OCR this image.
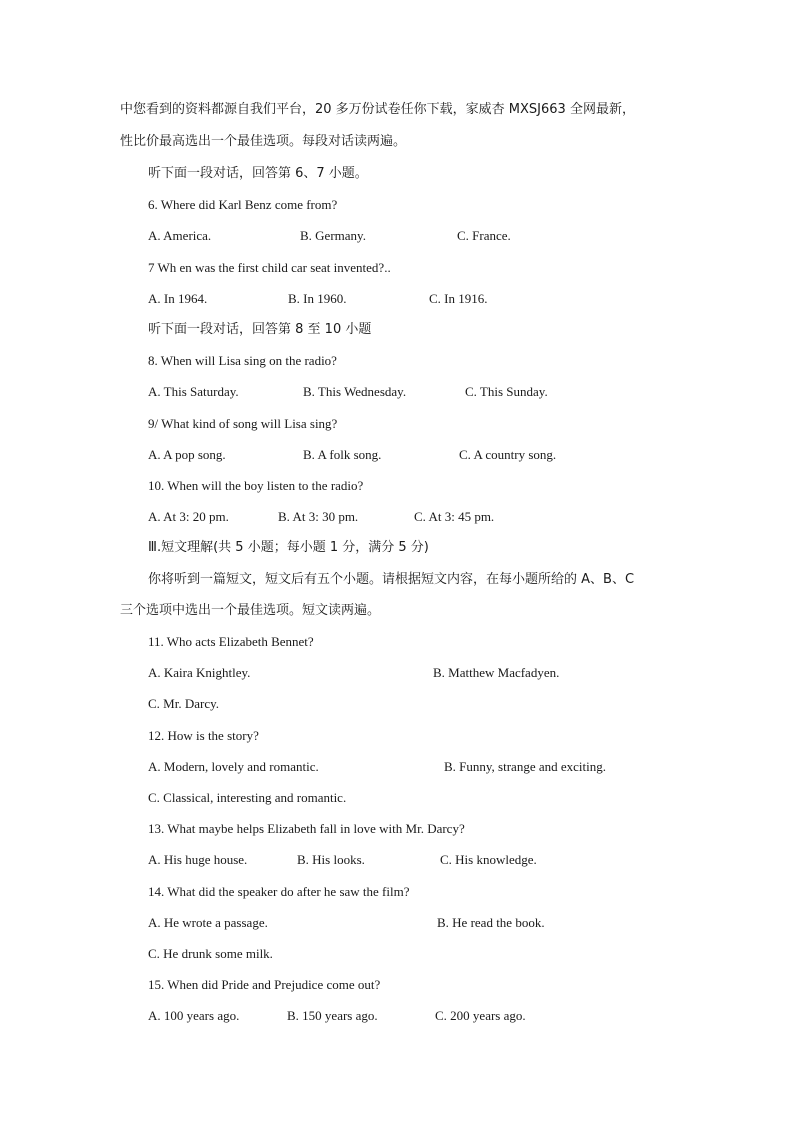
中您看到的资料都源自我们平台，20 多万份试卷任你下载，家威杏 MXSJ663 全网最新，
性比价最高选出一个最佳选项。每段对话读两遍。
听下面一段对话，回答第 6、7 小题。
6. Where did Karl Benz come from?
A. America.	B. Germany.	C. France.
7 Wh en was the first child car seat invented?..
A. In 1964.	B. In 1960.	C. In 1916.
听下面一段对话，回答第 8 至 10 小题
8. When will Lisa sing on the radio?
A. This Saturday.	B. This Wednesday.	C. This Sunday.
9/ What kind of song will Lisa sing?
A. A pop song.	B. A folk song.	C. A country song.
10. When will the boy listen to the radio?
A. At 3: 20 pm.	B. At 3: 30 pm.	C. At 3: 45 pm.
Ⅲ.短文理解(共 5 小题；每小题 1 分，满分 5 分)
你将听到一篇短文，短文后有五个小题。请根据短文内容，在每小题所给的 A、B、C
三个选项中选出一个最佳选项。短文读两遍。
11. Who acts Elizabeth Bennet?
A. Kaira Knightley.	B. Matthew Macfadyen.
C. Mr. Darcy.
12. How is the story?
A. Modern, lovely and romantic.	B. Funny, strange and exciting.
C. Classical, interesting and romantic.
13. What maybe helps Elizabeth fall in love with Mr. Darcy?
A. His huge house.	B. His looks.	C. His knowledge.
14. What did the speaker do after he saw the film?
A. He wrote a passage.	B. He read the book.
C. He drunk some milk.
15. When did Pride and Prejudice come out?
A. 100 years ago.	B. 150 years ago.	C. 200 years ago.
